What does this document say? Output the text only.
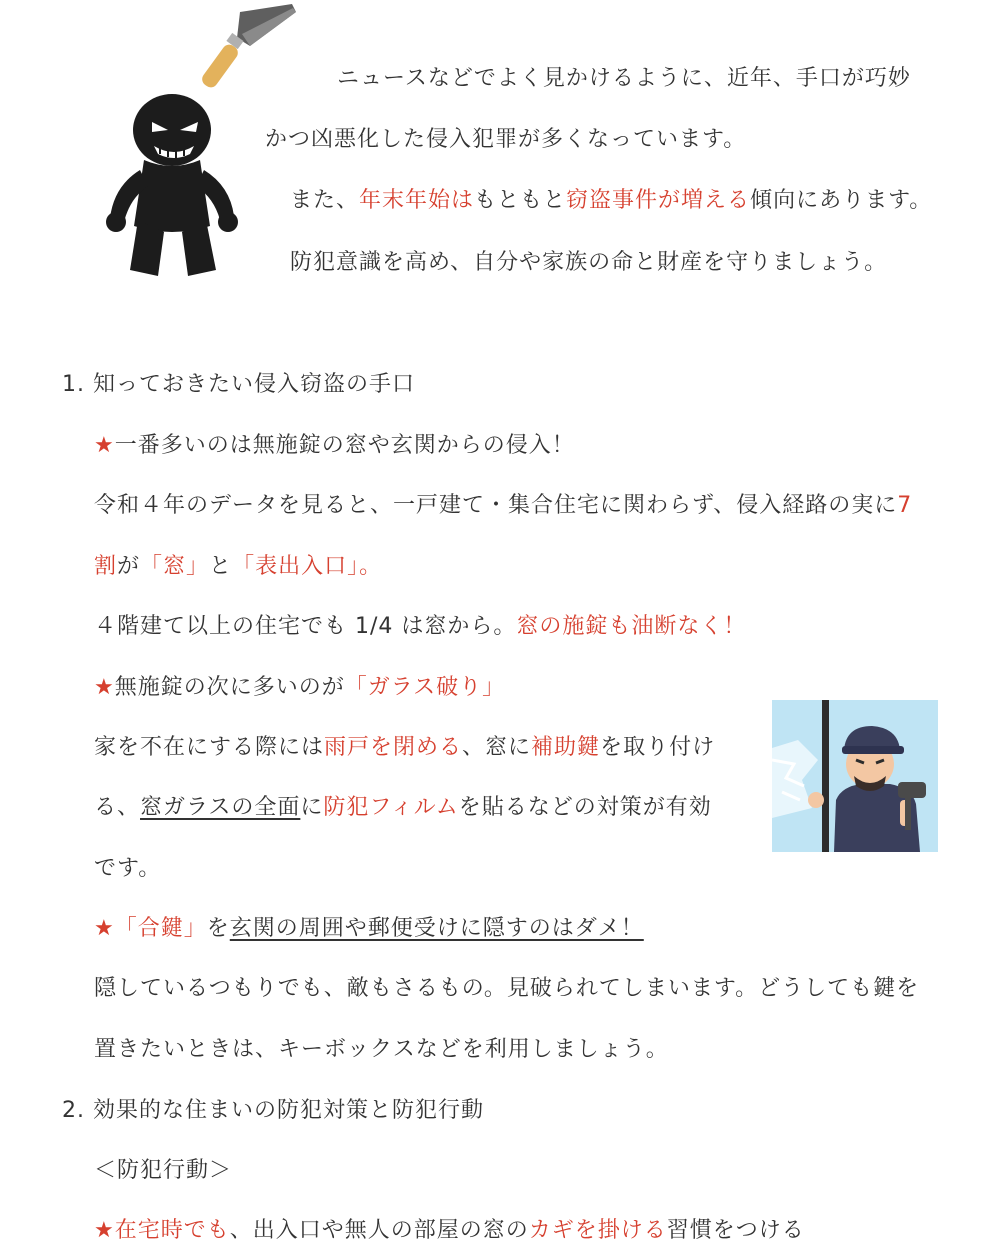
ニュースなどでよく見かけるように、近年、手口が巧妙
かつ凶悪化した侵入犯罪が多くなっています。
また、年末年始はもともと窃盗事件が増える傾向にあります。
防犯意識を高め、自分や家族の命と財産を守りましょう。
1. 知っておきたい侵入窃盗の手口
★一番多いのは無施錠の窓や玄関からの侵入！
令和４年のデータを見ると、一戸建て・集合住宅に関わらず、侵入経路の実に7
割が「窓」と「表出入口」。
４階建て以上の住宅でも 1/4 は窓から。窓の施錠も油断なく！
★無施錠の次に多いのが「ガラス破り」
家を不在にする際には雨戸を閉める、窓に補助鍵を取り付け
る、窓ガラスの全面に防犯フィルムを貼るなどの対策が有効
です。
★「合鍵」を玄関の周囲や郵便受けに隠すのはダメ！
隠しているつもりでも、敵もさるもの。見破られてしまいます。どうしても鍵を
置きたいときは、キーボックスなどを利用しましょう。
2. 効果的な住まいの防犯対策と防犯行動
＜防犯行動＞
★在宅時でも、出入口や無人の部屋の窓のカギを掛ける習慣をつける
